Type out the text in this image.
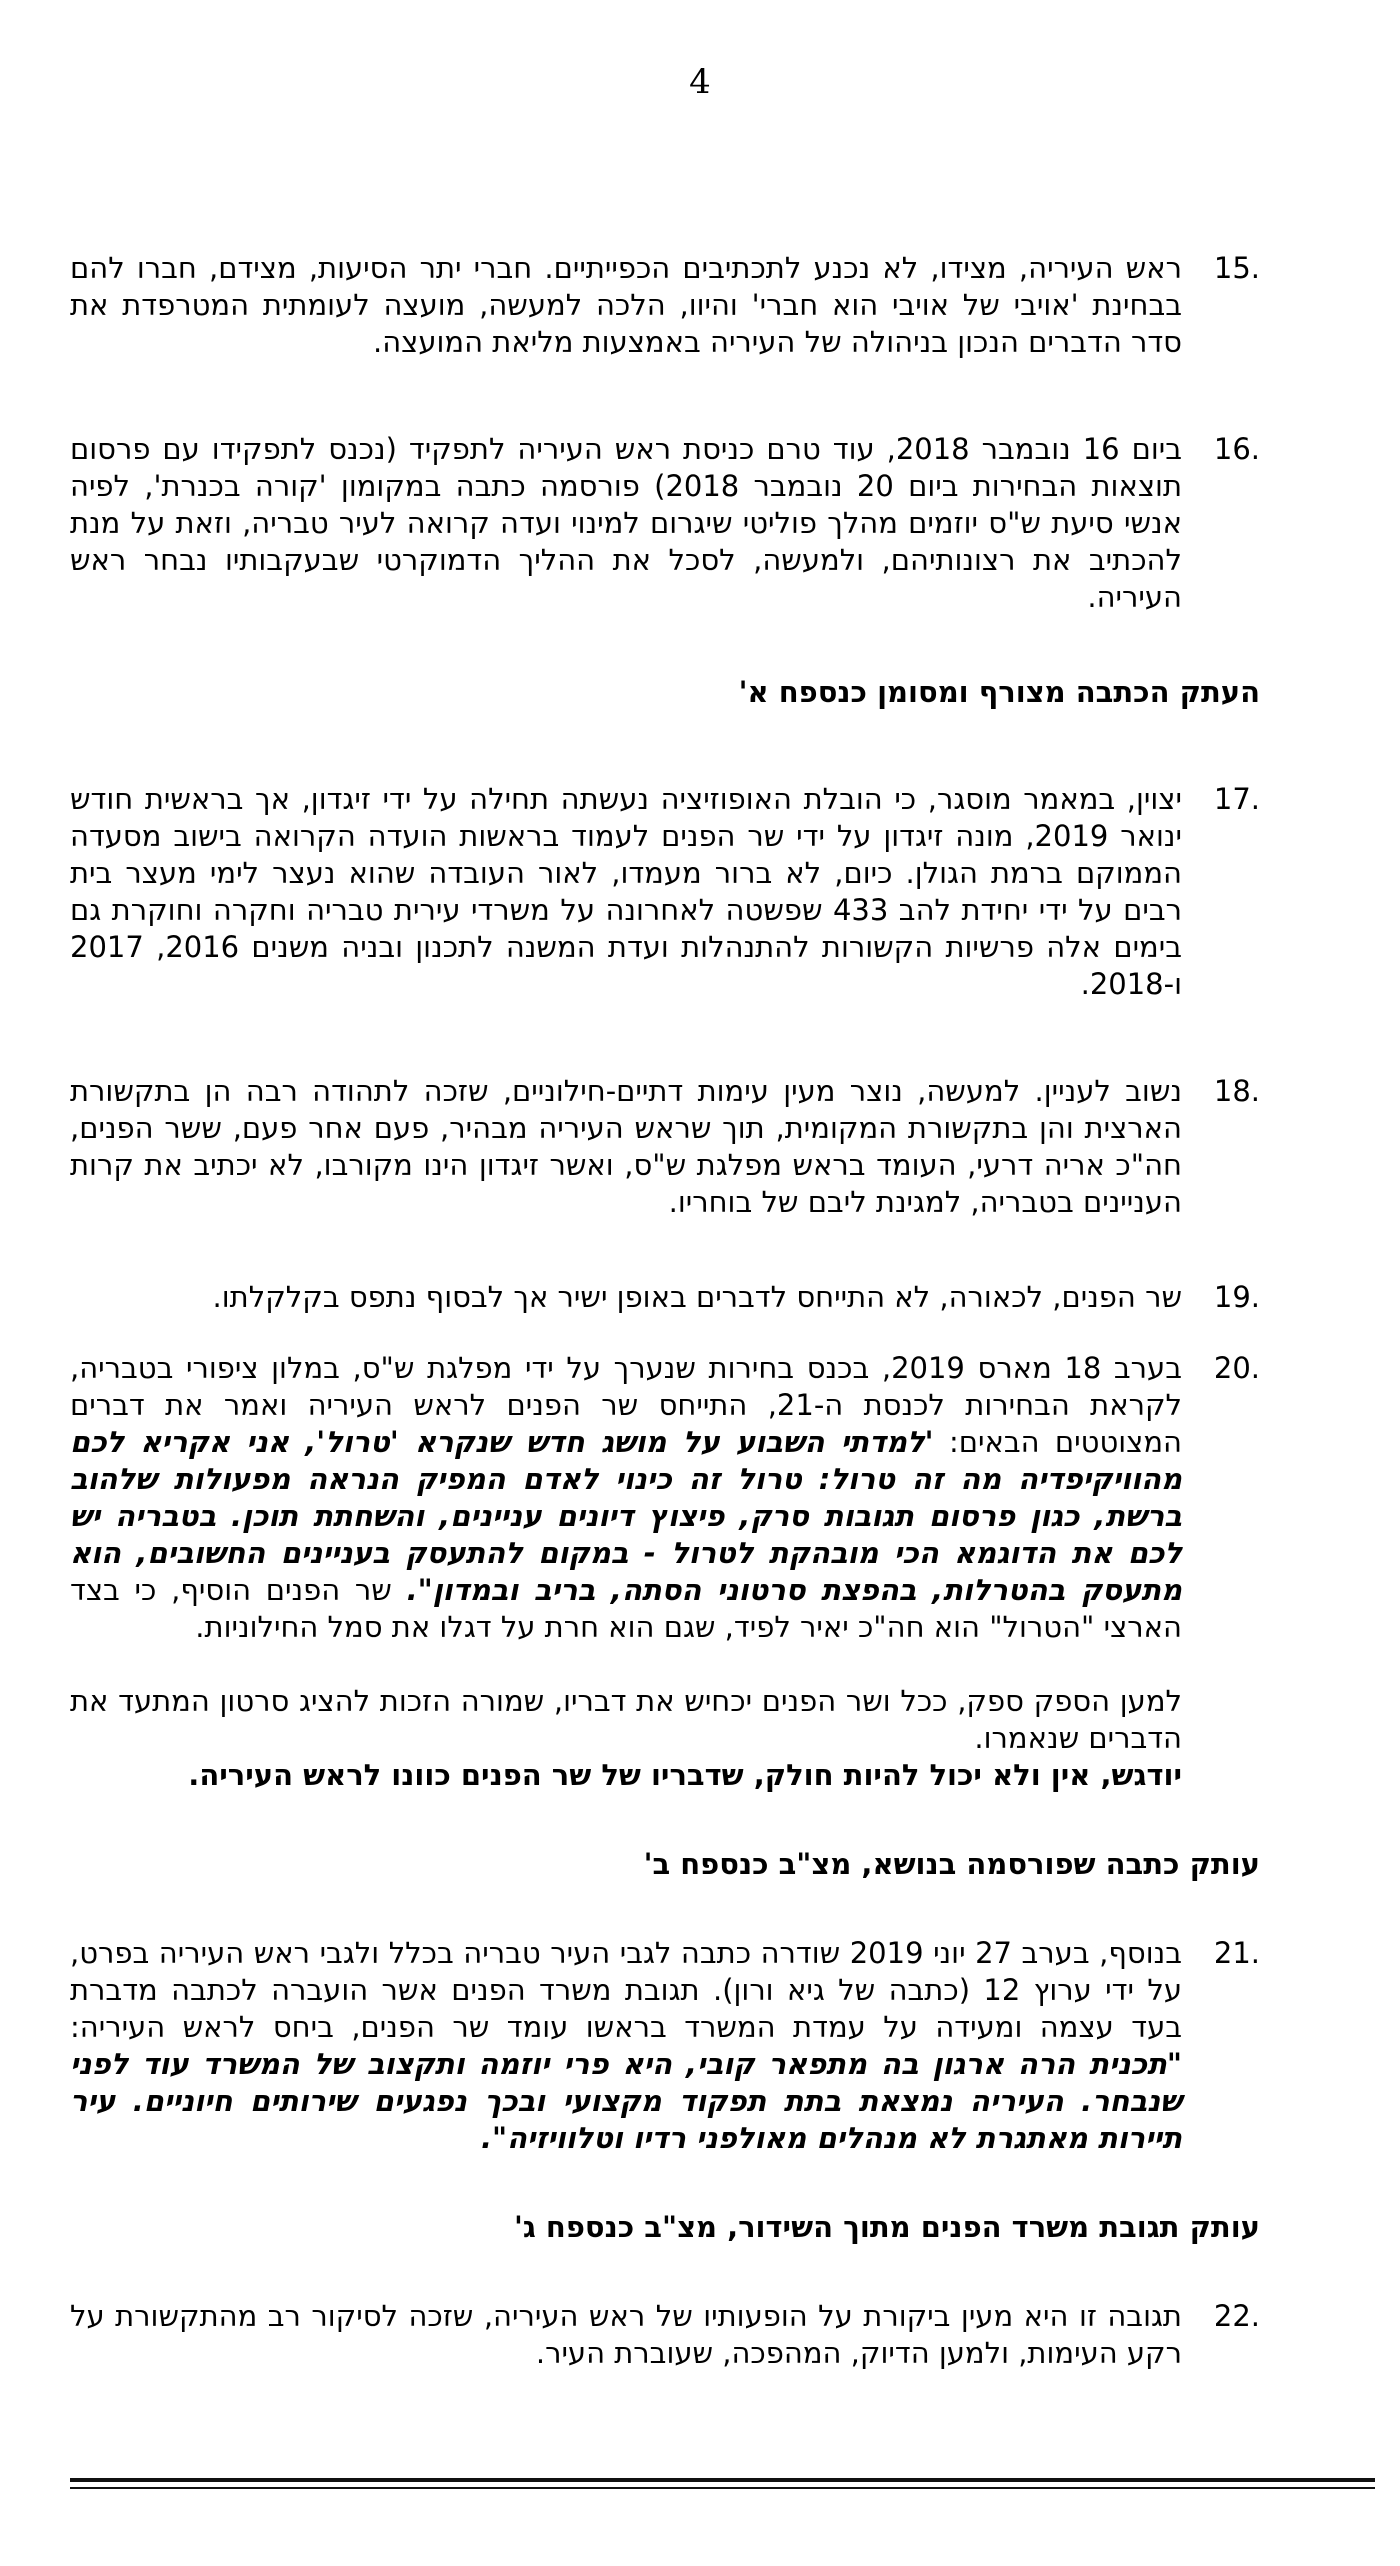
4
15.
ראש העיריה, מצידו, לא נכנע לתכתיבים הכפייתיים. חברי יתר הסיעות, מצידם, חברו להם בבחינת 'אויבי של אויבי הוא חברי' והיוו, הלכה למעשה, מועצה לעומתית המטרפדת את סדר הדברים הנכון בניהולה של העיריה באמצעות מליאת המועצה.
16.
ביום 16 נובמבר 2018, עוד טרם כניסת ראש העיריה לתפקיד (נכנס לתפקידו עם פרסום תוצאות הבחירות ביום 20 נובמבר 2018) פורסמה כתבה במקומון 'קורה בכנרת', לפיה אנשי סיעת ש"ס יוזמים מהלך פוליטי שיגרום למינוי ועדה קרואה לעיר טבריה, וזאת על מנת להכתיב את רצונותיהם, ולמעשה, לסכל את ההליך הדמוקרטי שבעקבותיו נבחר ראש העיריה.
העתק הכתבה מצורף ומסומן כנספח א'
17.
יצוין, במאמר מוסגר, כי הובלת האופוזיציה נעשתה תחילה על ידי זיגדון, אך בראשית חודש ינואר 2019, מונה זיגדון על ידי שר הפנים לעמוד בראשות הועדה הקרואה בישוב מסעדה הממוקם ברמת הגולן. כיום, לא ברור מעמדו, לאור העובדה שהוא נעצר לימי מעצר בית רבים על ידי יחידת להב 433 שפשטה לאחרונה על משרדי עירית טבריה וחקרה וחוקרת גם בימים אלה פרשיות הקשורות להתנהלות ועדת המשנה לתכנון ובניה משנים 2016, 2017 ו-2018.
18.
נשוב לעניין. למעשה, נוצר מעין עימות דתיים-חילוניים, שזכה לתהודה רבה הן בתקשורת הארצית והן בתקשורת המקומית, תוך שראש העיריה מבהיר, פעם אחר פעם, ששר הפנים, חה"כ אריה דרעי, העומד בראש מפלגת ש"ס, ואשר זיגדון הינו מקורבו, לא יכתיב את קרות העניינים בטבריה, למגינת ליבם של בוחריו.
19.
שר הפנים, לכאורה, לא התייחס לדברים באופן ישיר אך לבסוף נתפס בקלקלתו.
20.
בערב 18 מארס 2019, בכנס בחירות שנערך על ידי מפלגת ש"ס, במלון ציפורי בטבריה, לקראת הבחירות לכנסת ה-21, התייחס שר הפנים לראש העיריה ואמר את דברים המצוטטים הבאים: 'למדתי השבוע על מושג חדש שנקרא 'טרול', אני אקריא לכם מהוויקיפדיה מה זה טרול: טרול זה כינוי לאדם המפיק הנראה מפעולות שלהוב ברשת, כגון פרסום תגובות סרק, פיצוץ דיונים עניינים, והשחתת תוכן. בטבריה יש לכם את הדוגמא הכי מובהקת לטרול - במקום להתעסק בעניינים החשובים, הוא מתעסק בהטרלות, בהפצת סרטוני הסתה, בריב ובמדון". שר הפנים הוסיף, כי בצד הארצי "הטרול" הוא חה"כ יאיר לפיד, שגם הוא חרת על דגלו את סמל החילוניות.
למען הספק ספק, ככל ושר הפנים יכחיש את דבריו, שמורה הזכות להציג סרטון המתעד את הדברים שנאמרו.
יודגש, אין ולא יכול להיות חולק, שדבריו של שר הפנים כוונו לראש העיריה.
עותק כתבה שפורסמה בנושא, מצ"ב כנספח ב'
21.
בנוסף, בערב 27 יוני 2019 שודרה כתבה לגבי העיר טבריה בכלל ולגבי ראש העיריה בפרט, על ידי ערוץ 12 (כתבה של גיא ורון). תגובת משרד הפנים אשר הועברה לכתבה מדברת בעד עצמה ומעידה על עמדת המשרד בראשו עומד שר הפנים, ביחס לראש העיריה: "תכנית הרה ארגון בה מתפאר קובי, היא פרי יוזמה ותקצוב של המשרד עוד לפני שנבחר. העיריה נמצאת בתת תפקוד מקצועי ובכך נפגעים שירותים חיוניים. עיר תיירות מאתגרת לא מנהלים מאולפני רדיו וטלוויזיה".
עותק תגובת משרד הפנים מתוך השידור, מצ"ב כנספח ג'
22.
תגובה זו היא מעין ביקורת על הופעותיו של ראש העיריה, שזכה לסיקור רב מהתקשורת על רקע העימות, ולמען הדיוק, המהפכה, שעוברת העיר.
